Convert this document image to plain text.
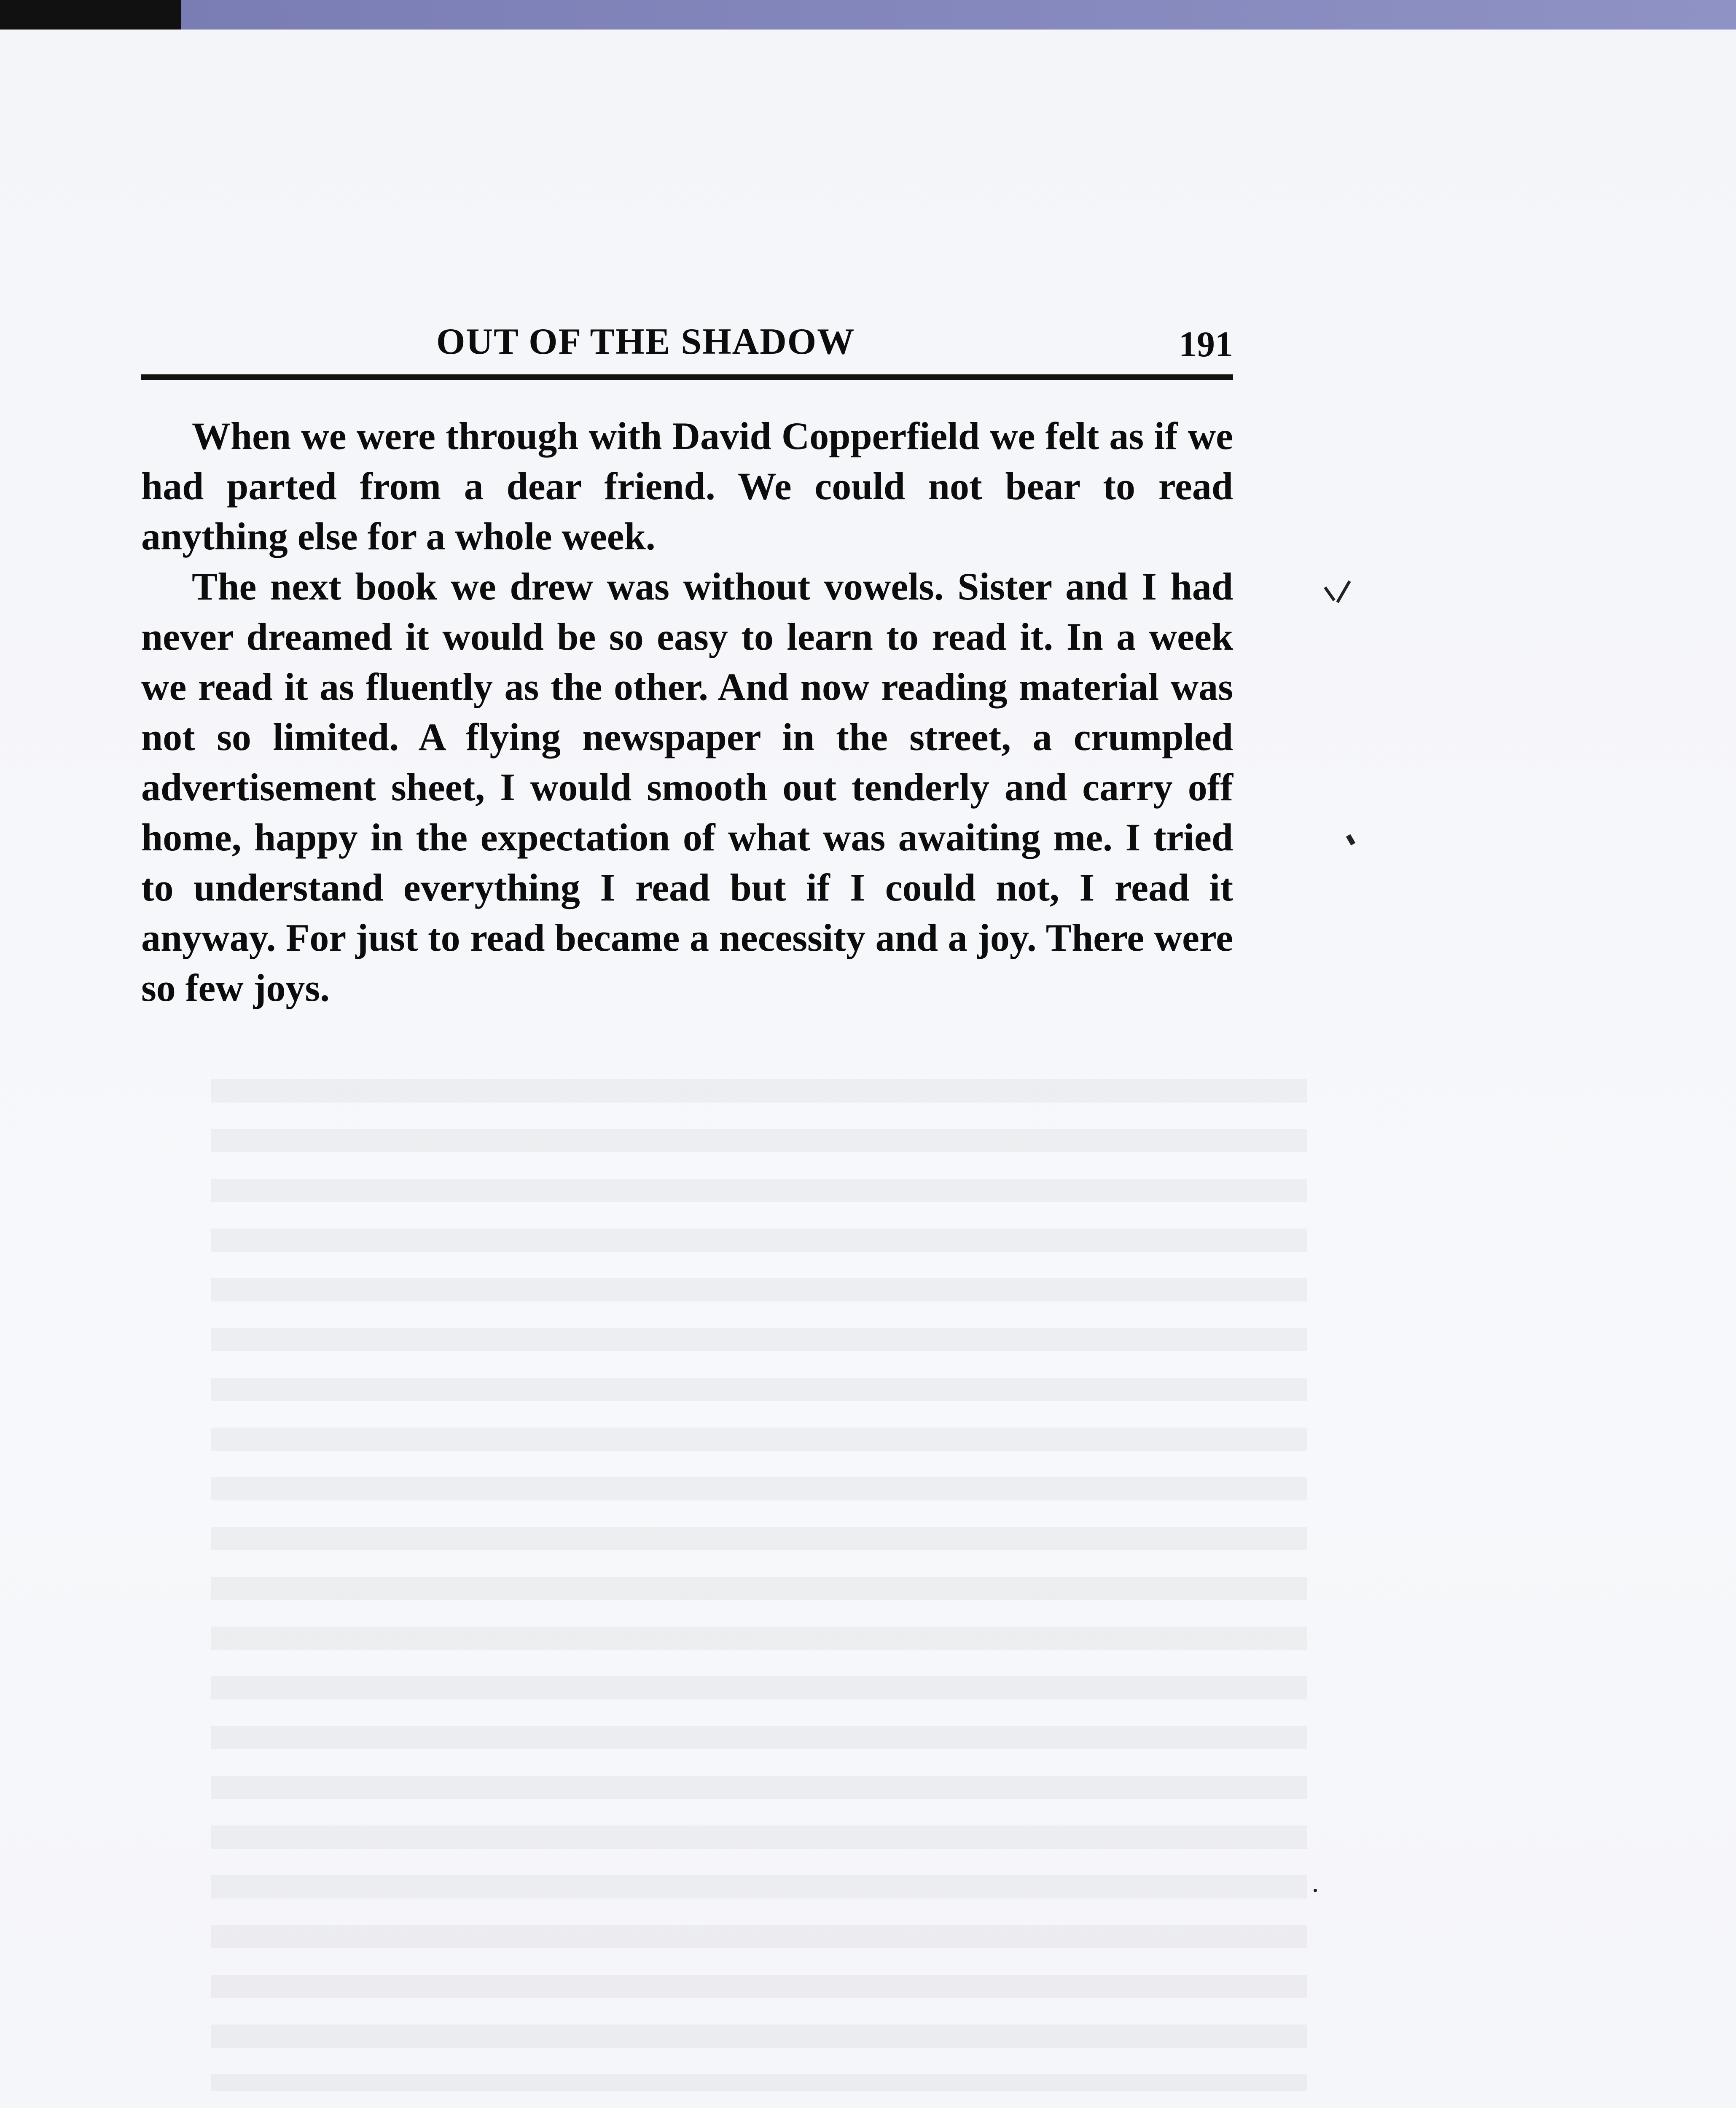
OUT OF THE SHADOW	191

When we were through with David Copperfield we felt as if we had parted from a dear friend. We could not bear to read anything else for a whole week.

The next book we drew was without vowels. Sister and I had never dreamed it would be so easy to learn to read it. In a week we read it as fluently as the other. And now reading material was not so limited. A flying newspaper in the street, a crumpled advertisement sheet, I would smooth out tenderly and carry off home, happy in the expectation of what was awaiting me. I tried to understand everything I read but if I could not, I read it anyway. For just to read became a necessity and a joy. There were so few joys.
